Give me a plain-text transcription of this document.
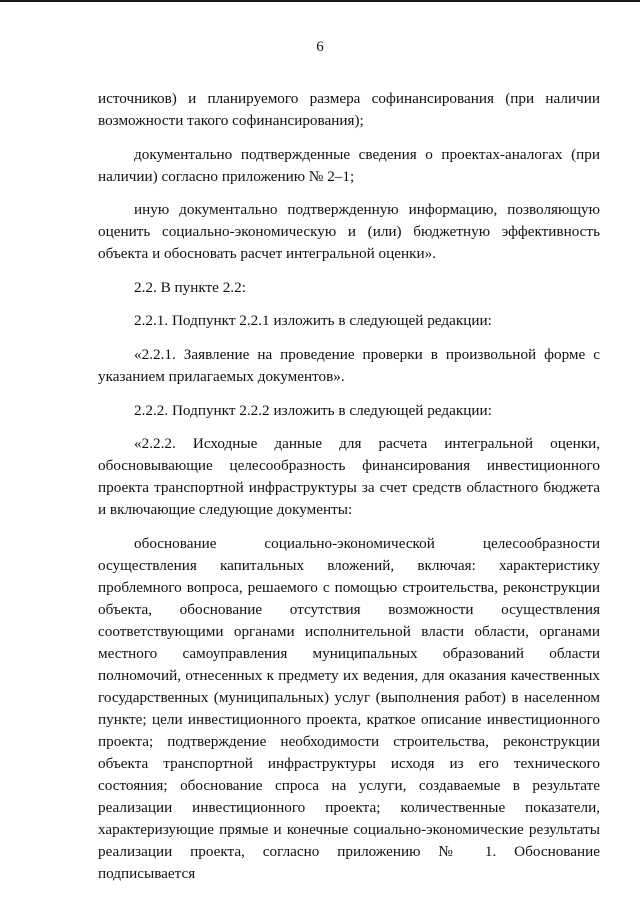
6

источников) и планируемого размера софинансирования (при наличии возможности такого софинансирования);

документально подтвержденные сведения о проектах-аналогах (при наличии) согласно приложению № 2–1;

иную документально подтвержденную информацию, позволяющую оценить социально-экономическую и (или) бюджетную эффективность объекта и обосновать расчет интегральной оценки».

2.2. В пункте 2.2:

2.2.1. Подпункт 2.2.1 изложить в следующей редакции:

«2.2.1. Заявление на проведение проверки в произвольной форме с указанием прилагаемых документов».

2.2.2. Подпункт 2.2.2 изложить в следующей редакции:

«2.2.2. Исходные данные для расчета интегральной оценки, обосновывающие целесообразность финансирования инвестиционного проекта транспортной инфраструктуры за счет средств областного бюджета и включающие следующие документы:

обоснование социально-экономической целесообразности осуществления капитальных вложений, включая: характеристику проблемного вопроса, решаемого с помощью строительства, реконструкции объекта, обоснование отсутствия возможности осуществления соответствующими органами исполнительной власти области, органами местного самоуправления муниципальных образований области полномочий, отнесенных к предмету их ведения, для оказания качественных государственных (муниципальных) услуг (выполнения работ) в населенном пункте; цели инвестиционного проекта, краткое описание инвестиционного проекта; подтверждение необходимости строительства, реконструкции объекта транспортной инфраструктуры исходя из его технического состояния; обоснование спроса на услуги, создаваемые в результате реализации инвестиционного проекта; количественные показатели, характеризующие прямые и конечные социально-экономические результаты реализации проекта, согласно приложению № 1. Обоснование подписывается
